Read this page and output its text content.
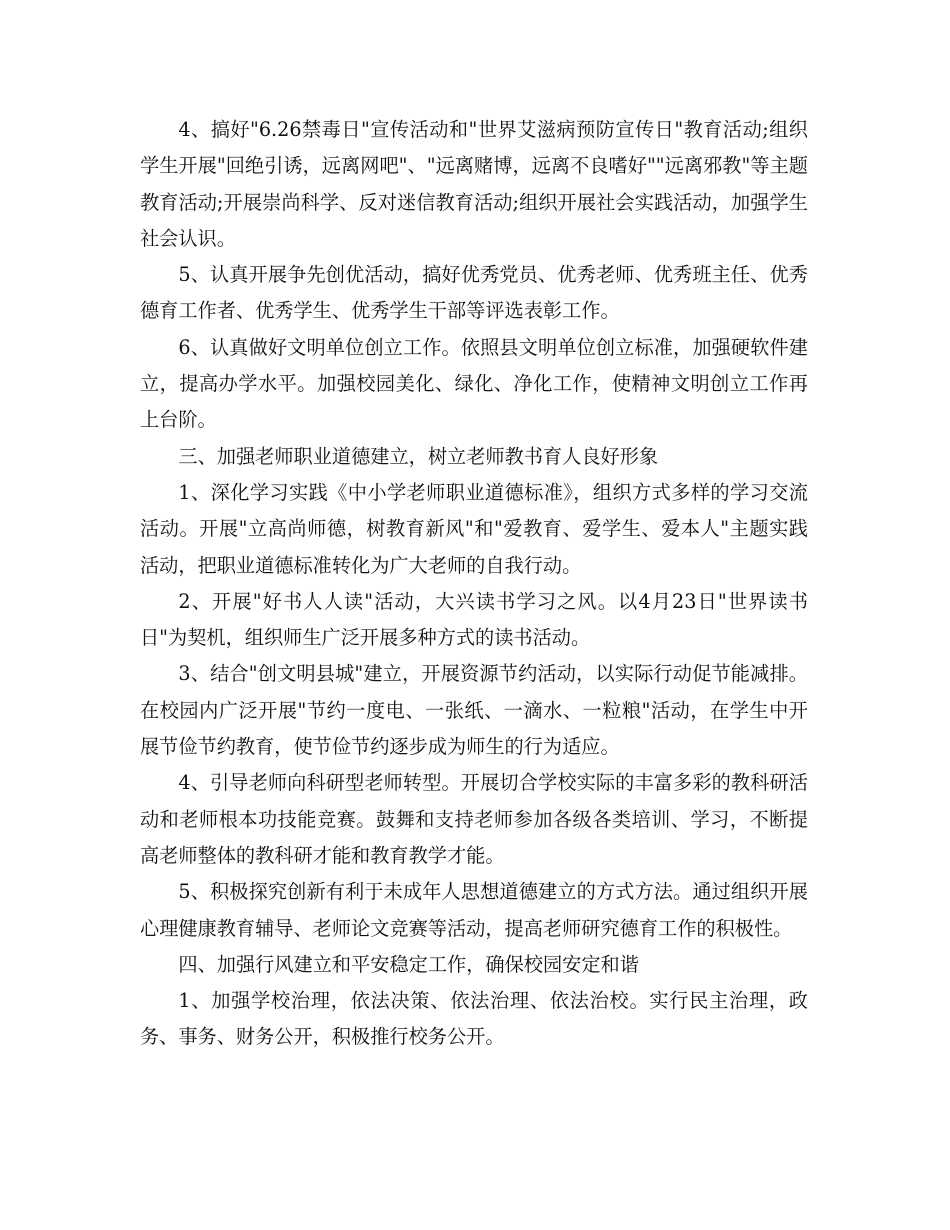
4、搞好"6.26禁毒日"宣传活动和"世界艾滋病预防宣传日"教育活动;组织学生开展"回绝引诱，远离网吧"、"远离赌博，远离不良嗜好""远离邪教"等主题教育活动;开展崇尚科学、反对迷信教育活动;组织开展社会实践活动，加强学生社会认识。

5、认真开展争先创优活动，搞好优秀党员、优秀老师、优秀班主任、优秀德育工作者、优秀学生、优秀学生干部等评选表彰工作。

6、认真做好文明单位创立工作。依照县文明单位创立标准，加强硬软件建立，提高办学水平。加强校园美化、绿化、净化工作，使精神文明创立工作再上台阶。

三、加强老师职业道德建立，树立老师教书育人良好形象

1、深化学习实践《中小学老师职业道德标准》，组织方式多样的学习交流活动。开展"立高尚师德，树教育新风"和"爱教育、爱学生、爱本人"主题实践活动，把职业道德标准转化为广大老师的自我行动。

2、开展"好书人人读"活动，大兴读书学习之风。以4月23日"世界读书日"为契机，组织师生广泛开展多种方式的读书活动。

3、结合"创文明县城"建立，开展资源节约活动，以实际行动促节能减排。在校园内广泛开展"节约一度电、一张纸、一滴水、一粒粮"活动，在学生中开展节俭节约教育，使节俭节约逐步成为师生的行为适应。

4、引导老师向科研型老师转型。开展切合学校实际的丰富多彩的教科研活动和老师根本功技能竞赛。鼓舞和支持老师参加各级各类培训、学习，不断提高老师整体的教科研才能和教育教学才能。

5、积极探究创新有利于未成年人思想道德建立的方式方法。通过组织开展心理健康教育辅导、老师论文竞赛等活动，提高老师研究德育工作的积极性。

四、加强行风建立和平安稳定工作，确保校园安定和谐

1、加强学校治理，依法决策、依法治理、依法治校。实行民主治理，政务、事务、财务公开，积极推行校务公开。
